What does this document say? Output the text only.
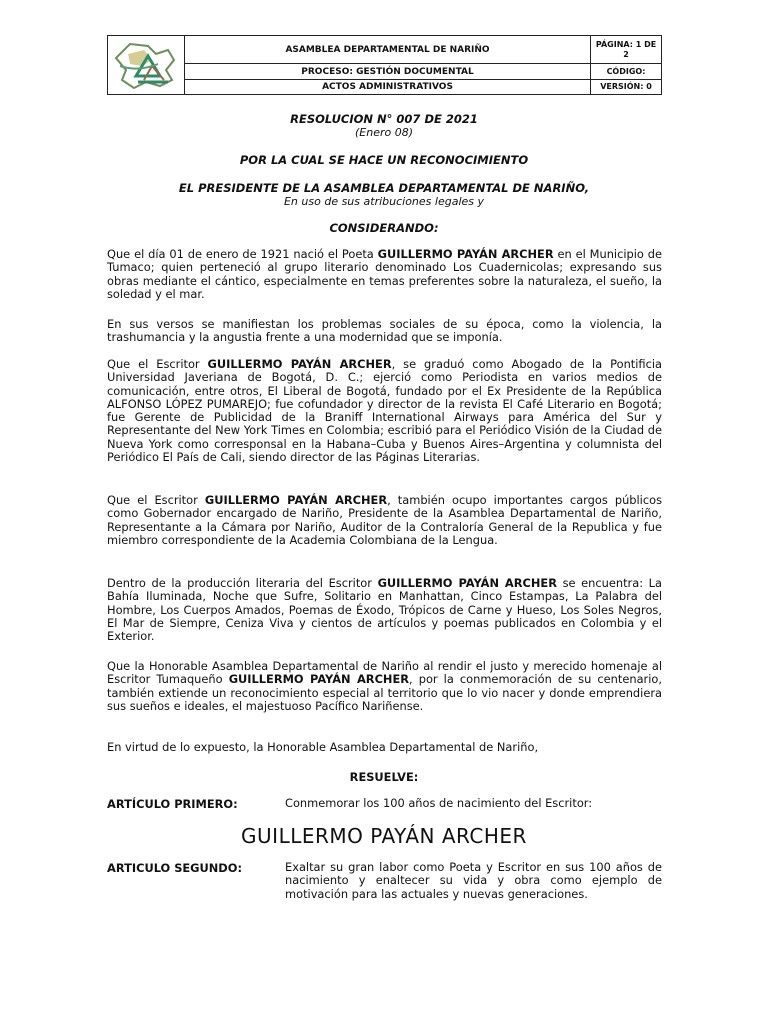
ASAMBLEA DEPARTAMENTAL DE NARIÑO
PROCESO: GESTIÓN DOCUMENTAL
ACTOS ADMINISTRATIVOS
PÁGINA: 1 DE
2
CÓDIGO:
VERSIÓN: 0
RESOLUCION N° 007 DE 2021
(Enero 08)
POR LA CUAL SE HACE UN RECONOCIMIENTO
EL PRESIDENTE DE LA ASAMBLEA DEPARTAMENTAL DE NARIÑO,
En uso de sus atribuciones legales y
CONSIDERANDO:
Que el día 01 de enero de 1921 nació el Poeta GUILLERMO PAYÁN ARCHER en el Municipio de Tumaco; quien perteneció al grupo literario denominado Los Cuadernicolas; expresando sus obras mediante el cántico, especialmente en temas preferentes sobre la naturaleza, el sueño, la soledad y el mar.
En sus versos se manifiestan los problemas sociales de su época, como la violencia, la trashumancia y la angustia frente a una modernidad que se imponía.
Que el Escritor GUILLERMO PAYÁN ARCHER, se graduó como Abogado de la Pontificia Universidad Javeriana de Bogotá, D. C.; ejerció como Periodista en varios medios de comunicación, entre otros, El Liberal de Bogotá, fundado por el Ex Presidente de la República ALFONSO LÓPEZ PUMAREJO; fue cofundador y director de la revista El Café Literario en Bogotá; fue Gerente de Publicidad de la Braniff International Airways para América del Sur y Representante del New York Times en Colombia; escribió para el Periódico Visión de la Ciudad de Nueva York como corresponsal en la Habana–Cuba y Buenos Aires–Argentina y columnista del Periódico El País de Cali, siendo director de las Páginas Literarias.
Que el Escritor GUILLERMO PAYÁN ARCHER, también ocupo importantes cargos públicos como Gobernador encargado de Nariño, Presidente de la Asamblea Departamental de Nariño, Representante a la Cámara por Nariño, Auditor de la Contraloría General de la Republica y fue miembro correspondiente de la Academia Colombiana de la Lengua.
Dentro de la producción literaria del Escritor GUILLERMO PAYÁN ARCHER se encuentra: La Bahía Iluminada, Noche que Sufre, Solitario en Manhattan, Cinco Estampas, La Palabra del Hombre, Los Cuerpos Amados, Poemas de Éxodo, Trópicos de Carne y Hueso, Los Soles Negros, El Mar de Siempre, Ceniza Viva y cientos de artículos y poemas publicados en Colombia y el Exterior.
Que la Honorable Asamblea Departamental de Nariño al rendir el justo y merecido homenaje al Escritor Tumaqueño GUILLERMO PAYÁN ARCHER, por la conmemoración de su centenario, también extiende un reconocimiento especial al territorio que lo vio nacer y donde emprendiera sus sueños e ideales, el majestuoso Pacífico Nariñense.
En virtud de lo expuesto, la Honorable Asamblea Departamental de Nariño,
RESUELVE:
ARTÍCULO PRIMERO:	Conmemorar los 100 años de nacimiento del Escritor:
GUILLERMO PAYÁN ARCHER
ARTICULO SEGUNDO:	Exaltar su gran labor como Poeta y Escritor en sus 100 años de nacimiento y enaltecer su vida y obra como ejemplo de motivación para las actuales y nuevas generaciones.
